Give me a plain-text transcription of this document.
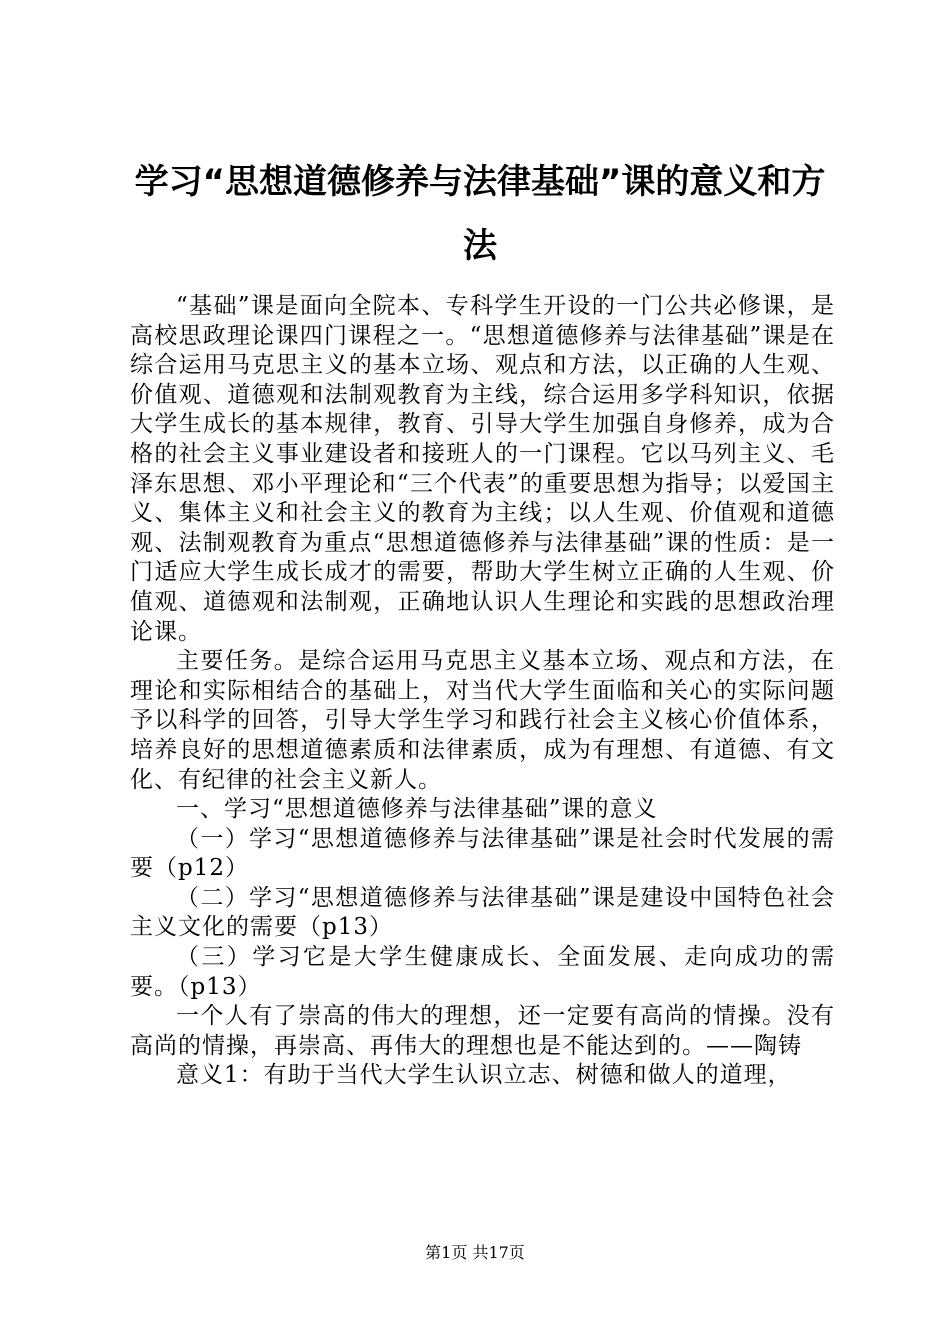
学习“思想道德修养与法律基础”课的意义和方法

“基础”课是面向全院本、专科学生开设的一门公共必修课，是高校思政理论课四门课程之一。“思想道德修养与法律基础”课是在综合运用马克思主义的基本立场、观点和方法，以正确的人生观、价值观、道德观和法制观教育为主线，综合运用多学科知识，依据大学生成长的基本规律，教育、引导大学生加强自身修养，成为合格的社会主义事业建设者和接班人的一门课程。它以马列主义、毛泽东思想、邓小平理论和“三个代表”的重要思想为指导；以爱国主义、集体主义和社会主义的教育为主线；以人生观、价值观和道德观、法制观教育为重点“思想道德修养与法律基础”课的性质：是一门适应大学生成长成才的需要，帮助大学生树立正确的人生观、价值观、道德观和法制观，正确地认识人生理论和实践的思想政治理论课。

主要任务。是综合运用马克思主义基本立场、观点和方法，在理论和实际相结合的基础上，对当代大学生面临和关心的实际问题予以科学的回答，引导大学生学习和践行社会主义核心价值体系，培养良好的思想道德素质和法律素质，成为有理想、有道德、有文化、有纪律的社会主义新人。

一、学习“思想道德修养与法律基础”课的意义

（一）学习“思想道德修养与法律基础”课是社会时代发展的需要（p12）

（二）学习“思想道德修养与法律基础”课是建设中国特色社会主义文化的需要（p13）

（三）学习它是大学生健康成长、全面发展、走向成功的需要。（p13）

一个人有了崇高的伟大的理想，还一定要有高尚的情操。没有高尚的情操，再崇高、再伟大的理想也是不能达到的。——陶铸

意义1：有助于当代大学生认识立志、树德和做人的道理，

第1页 共17页
